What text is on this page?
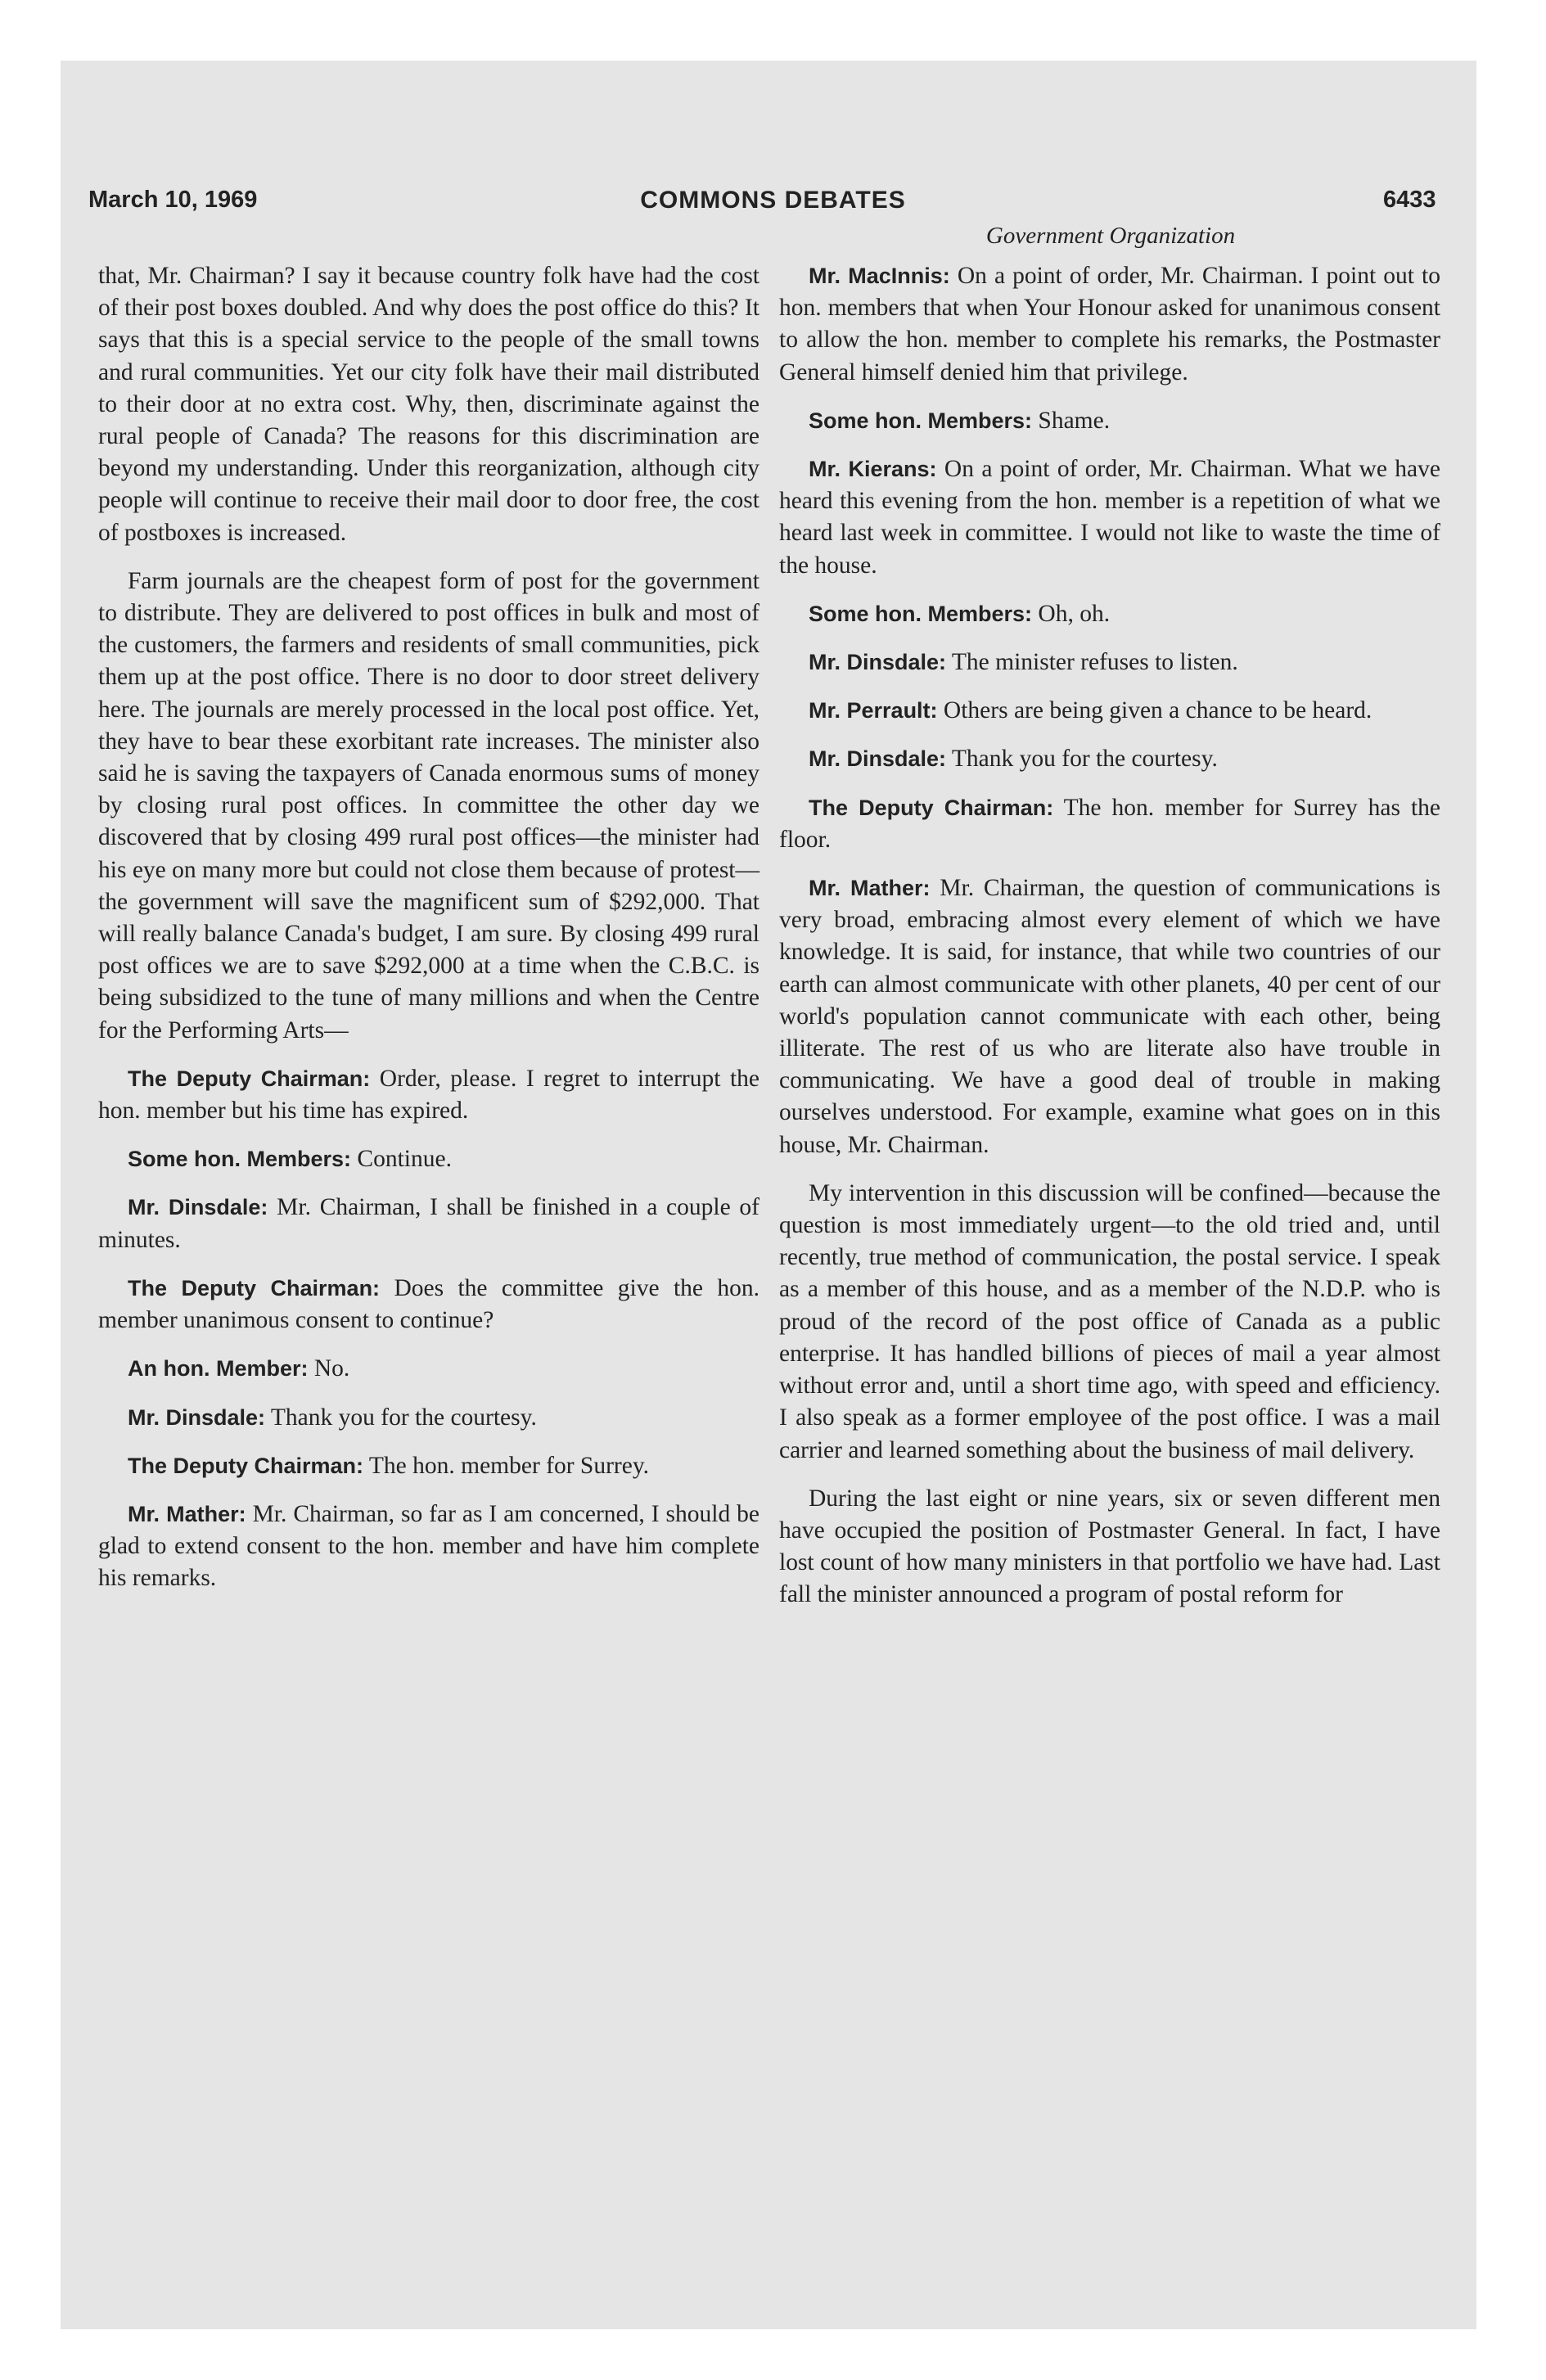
March 10, 1969	COMMONS DEBATES	6433
Government Organization

that, Mr. Chairman? I say it because country folk have had the cost of their post boxes doubled. And why does the post office do this? It says that this is a special service to the people of the small towns and rural communities. Yet our city folk have their mail distributed to their door at no extra cost. Why, then, discriminate against the rural people of Canada? The reasons for this discrimination are beyond my understanding. Under this reorganization, although city people will continue to receive their mail door to door free, the cost of postboxes is increased.

Farm journals are the cheapest form of post for the government to distribute. They are delivered to post offices in bulk and most of the customers, the farmers and residents of small communities, pick them up at the post office. There is no door to door street delivery here. The journals are merely processed in the local post office. Yet, they have to bear these exorbitant rate increases. The minister also said he is saving the taxpayers of Canada enormous sums of money by closing rural post offices. In committee the other day we discovered that by closing 499 rural post offices—the minister had his eye on many more but could not close them because of protest—the government will save the magnificent sum of $292,000. That will really balance Canada's budget, I am sure. By closing 499 rural post offices we are to save $292,000 at a time when the C.B.C. is being subsidized to the tune of many millions and when the Centre for the Performing Arts—

The Deputy Chairman: Order, please. I regret to interrupt the hon. member but his time has expired.

Some hon. Members: Continue.

Mr. Dinsdale: Mr. Chairman, I shall be finished in a couple of minutes.

The Deputy Chairman: Does the committee give the hon. member unanimous consent to continue?

An hon. Member: No.

Mr. Dinsdale: Thank you for the courtesy.

The Deputy Chairman: The hon. member for Surrey.

Mr. Mather: Mr. Chairman, so far as I am concerned, I should be glad to extend consent to the hon. member and have him complete his remarks.

Mr. MacInnis: On a point of order, Mr. Chairman. I point out to hon. members that when Your Honour asked for unanimous consent to allow the hon. member to complete his remarks, the Postmaster General himself denied him that privilege.

Some hon. Members: Shame.

Mr. Kierans: On a point of order, Mr. Chairman. What we have heard this evening from the hon. member is a repetition of what we heard last week in committee. I would not like to waste the time of the house.

Some hon. Members: Oh, oh.

Mr. Dinsdale: The minister refuses to listen.

Mr. Perrault: Others are being given a chance to be heard.

Mr. Dinsdale: Thank you for the courtesy.

The Deputy Chairman: The hon. member for Surrey has the floor.

Mr. Mather: Mr. Chairman, the question of communications is very broad, embracing almost every element of which we have knowledge. It is said, for instance, that while two countries of our earth can almost communicate with other planets, 40 per cent of our world's population cannot communicate with each other, being illiterate. The rest of us who are literate also have trouble in communicating. We have a good deal of trouble in making ourselves understood. For example, examine what goes on in this house, Mr. Chairman.

My intervention in this discussion will be confined—because the question is most immediately urgent—to the old tried and, until recently, true method of communication, the postal service. I speak as a member of this house, and as a member of the N.D.P. who is proud of the record of the post office of Canada as a public enterprise. It has handled billions of pieces of mail a year almost without error and, until a short time ago, with speed and efficiency. I also speak as a former employee of the post office. I was a mail carrier and learned something about the business of mail delivery.

During the last eight or nine years, six or seven different men have occupied the position of Postmaster General. In fact, I have lost count of how many ministers in that portfolio we have had. Last fall the minister announced a program of postal reform for
